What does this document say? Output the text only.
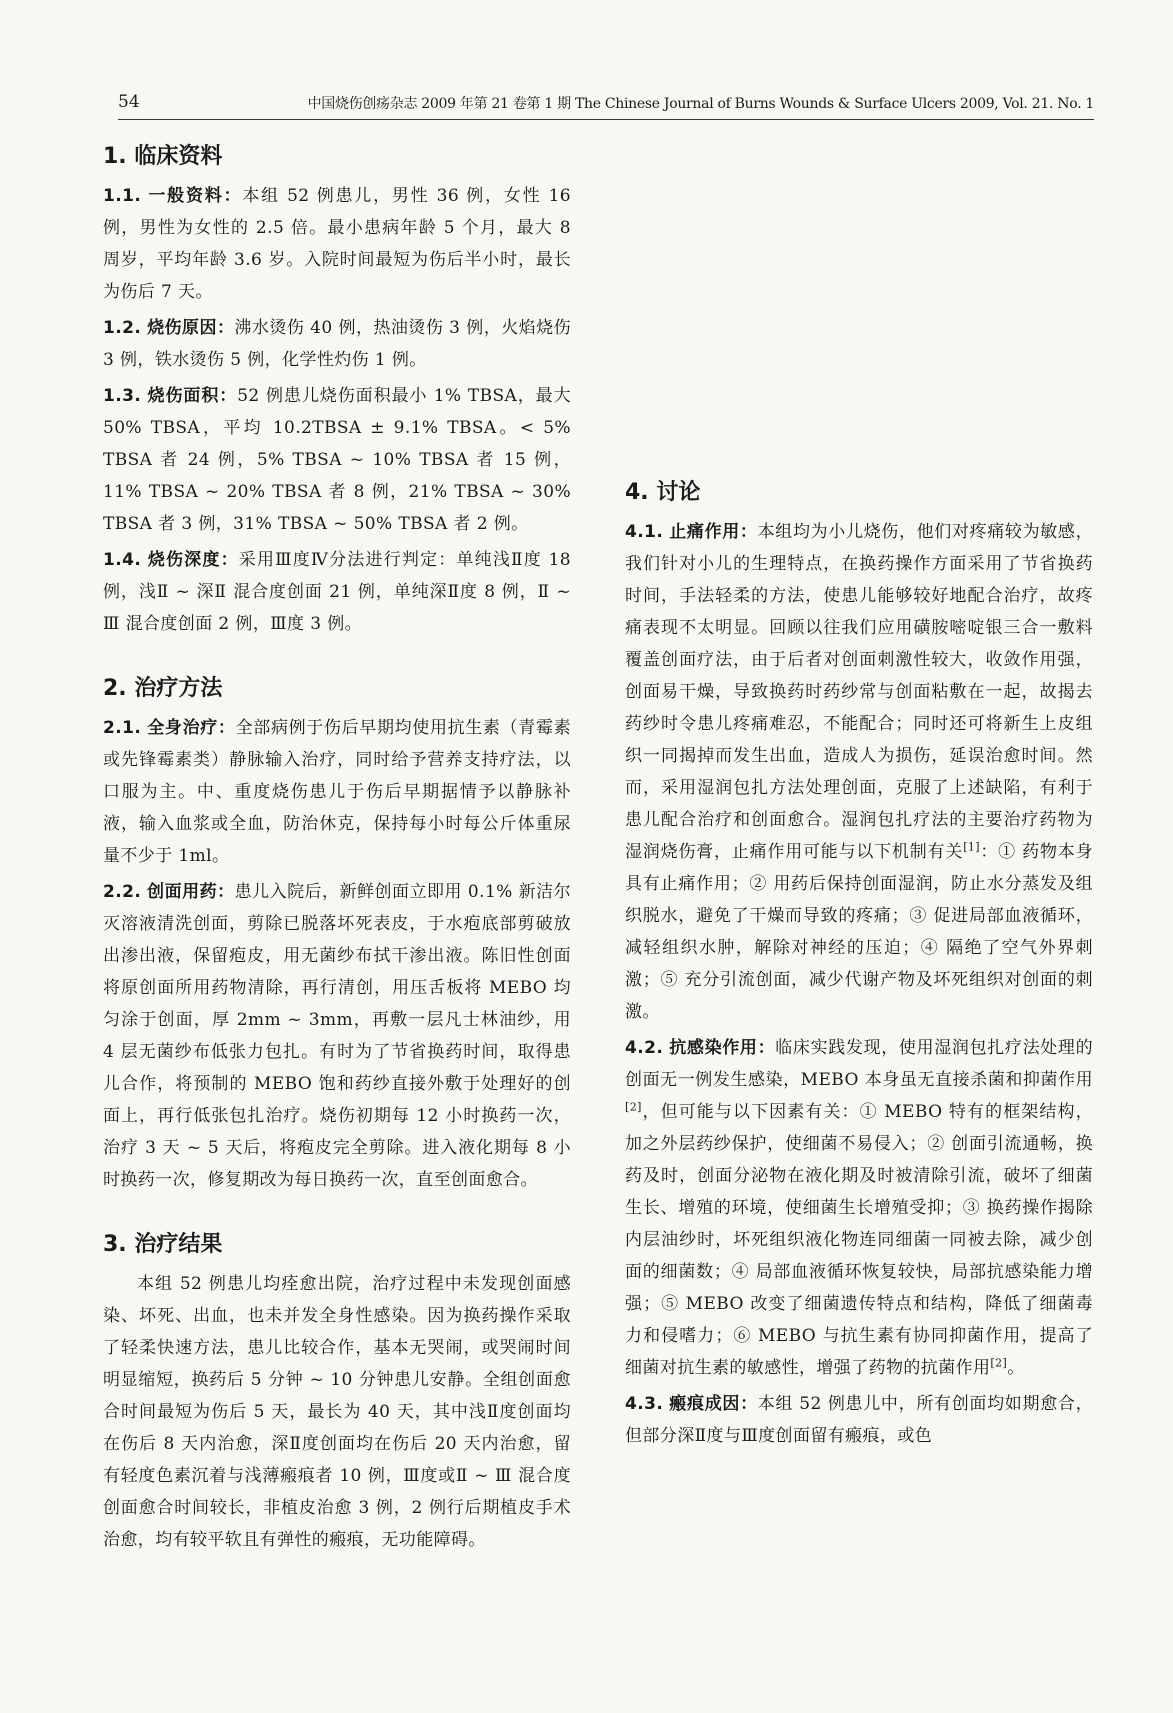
54	中国烧伤创疡杂志 2009 年第 21 卷第 1 期 The Chinese Journal of Burns Wounds & Surface Ulcers 2009, Vol. 21. No. 1
1. 临床资料

1.1. 一般资料：本组 52 例患儿，男性 36 例，女性 16 例，男性为女性的 2.5 倍。最小患病年龄 5 个月，最大 8 周岁，平均年龄 3.6 岁。入院时间最短为伤后半小时，最长为伤后 7 天。

1.2. 烧伤原因：沸水烫伤 40 例，热油烫伤 3 例，火焰烧伤 3 例，铁水烫伤 5 例，化学性灼伤 1 例。

1.3. 烧伤面积：52 例患儿烧伤面积最小 1% TBSA，最大 50% TBSA，平均 10.2TBSA ± 9.1% TBSA。< 5% TBSA 者 24 例，5% TBSA ~ 10% TBSA 者 15 例，11% TBSA ~ 20% TBSA 者 8 例，21% TBSA ~ 30% TBSA 者 3 例，31% TBSA ~ 50% TBSA 者 2 例。

1.4. 烧伤深度：采用Ⅲ度Ⅳ分法进行判定：单纯浅Ⅱ度 18 例，浅Ⅱ ~ 深Ⅱ 混合度创面 21 例，单纯深Ⅱ度 8 例，Ⅱ ~ Ⅲ 混合度创面 2 例，Ⅲ度 3 例。

2. 治疗方法

2.1. 全身治疗：全部病例于伤后早期均使用抗生素（青霉素或先锋霉素类）静脉输入治疗，同时给予营养支持疗法，以口服为主。中、重度烧伤患儿于伤后早期据情予以静脉补液，输入血浆或全血，防治休克，保持每小时每公斤体重尿量不少于 1ml。

2.2. 创面用药：患儿入院后，新鲜创面立即用 0.1% 新洁尔灭溶液清洗创面，剪除已脱落坏死表皮，于水疱底部剪破放出渗出液，保留疱皮，用无菌纱布拭干渗出液。陈旧性创面将原创面所用药物清除，再行清创，用压舌板将 MEBO 均匀涂于创面，厚 2mm ~ 3mm，再敷一层凡士林油纱，用 4 层无菌纱布低张力包扎。有时为了节省换药时间，取得患儿合作，将预制的 MEBO 饱和药纱直接外敷于处理好的创面上，再行低张包扎治疗。烧伤初期每 12 小时换药一次，治疗 3 天 ~ 5 天后，将疱皮完全剪除。进入液化期每 8 小时换药一次，修复期改为每日换药一次，直至创面愈合。

3. 治疗结果

本组 52 例患儿均痊愈出院，治疗过程中未发现创面感染、坏死、出血，也未并发全身性感染。因为换药操作采取了轻柔快速方法，患儿比较合作，基本无哭闹，或哭闹时间明显缩短，换药后 5 分钟 ~ 10 分钟患儿安静。全组创面愈合时间最短为伤后 5 天，最长为 40 天，其中浅Ⅱ度创面均在伤后 8 天内治愈，深Ⅱ度创面均在伤后 20 天内治愈，留有轻度色素沉着与浅薄瘢痕者 10 例，Ⅲ度或Ⅱ ~ Ⅲ 混合度创面愈合时间较长，非植皮治愈 3 例，2 例行后期植皮手术治愈，均有较平软且有弹性的瘢痕，无功能障碍。

4. 讨论

4.1. 止痛作用：本组均为小儿烧伤，他们对疼痛较为敏感，我们针对小儿的生理特点，在换药操作方面采用了节省换药时间，手法轻柔的方法，使患儿能够较好地配合治疗，故疼痛表现不太明显。回顾以往我们应用磺胺嘧啶银三合一敷料覆盖创面疗法，由于后者对创面刺激性较大，收敛作用强，创面易干燥，导致换药时药纱常与创面粘敷在一起，故揭去药纱时令患儿疼痛难忍，不能配合；同时还可将新生上皮组织一同揭掉而发生出血，造成人为损伤，延误治愈时间。然而，采用湿润包扎方法处理创面，克服了上述缺陷，有利于患儿配合治疗和创面愈合。湿润包扎疗法的主要治疗药物为湿润烧伤膏，止痛作用可能与以下机制有关[1]：① 药物本身具有止痛作用；② 用药后保持创面湿润，防止水分蒸发及组织脱水，避免了干燥而导致的疼痛；③ 促进局部血液循环，减轻组织水肿，解除对神经的压迫；④ 隔绝了空气外界刺激；⑤ 充分引流创面，减少代谢产物及坏死组织对创面的刺激。

4.2. 抗感染作用：临床实践发现，使用湿润包扎疗法处理的创面无一例发生感染，MEBO 本身虽无直接杀菌和抑菌作用[2]，但可能与以下因素有关：① MEBO 特有的框架结构，加之外层药纱保护，使细菌不易侵入；② 创面引流通畅，换药及时，创面分泌物在液化期及时被清除引流，破坏了细菌生长、增殖的环境，使细菌生长增殖受抑；③ 换药操作揭除内层油纱时，坏死组织液化物连同细菌一同被去除，减少创面的细菌数；④ 局部血液循环恢复较快，局部抗感染能力增强；⑤ MEBO 改变了细菌遗传特点和结构，降低了细菌毒力和侵嗜力；⑥ MEBO 与抗生素有协同抑菌作用，提高了细菌对抗生素的敏感性，增强了药物的抗菌作用[2]。

4.3. 瘢痕成因：本组 52 例患儿中，所有创面均如期愈合，但部分深Ⅱ度与Ⅲ度创面留有瘢痕，或色
